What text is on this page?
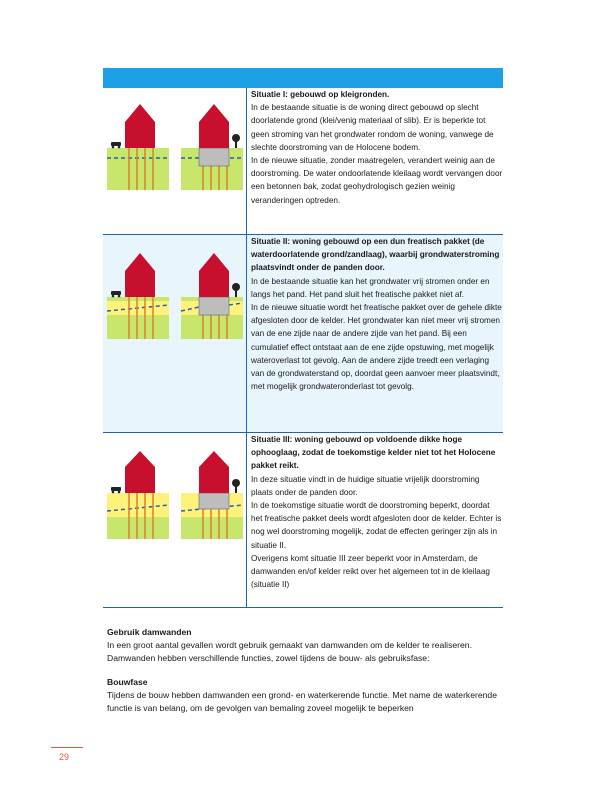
Situatie I: gebouwd op kleigronden.

In de bestaande situatie is de woning direct gebouwd op slecht doorlatende grond (klei/venig materiaal of slib). Er is beperkte tot geen stroming van het grondwater rondom de woning, vanwege de slechte doorstroming van de Holocene bodem.

In de nieuwe situatie, zonder maatregelen, verandert weinig aan de doorstroming. De water ondoorlatende kleilaag wordt vervangen door een betonnen bak, zodat geohydrologisch gezien weinig veranderingen optreden.

Situatie II: woning gebouwd op een dun freatisch pakket (de waterdoorlatende grond/zandlaag), waarbij grondwaterstroming plaatsvindt onder de panden door.

In de bestaande situatie kan het grondwater vrij stromen onder en langs het pand. Het pand sluit het freatische pakket niet af.

In de nieuwe situatie wordt het freatische pakket over de gehele dikte afgesloten door de kelder. Het grondwater kan niet meer vrij stromen van de ene zijde naar de andere zijde van het pand. Bij een cumulatief effect ontstaat aan de ene zijde opstuwing, met mogelijk wateroverlast tot gevolg. Aan de andere zijde treedt een verlaging van de grondwaterstand op, doordat geen aanvoer meer plaatsvindt, met mogelijk grondwateronderlast tot gevolg.

Situatie III: woning gebouwd op voldoende dikke hoge ophooglaag, zodat de toekomstige kelder niet tot het Holocene pakket reikt.

In deze situatie vindt in de huidige situatie vrijelijk doorstroming plaats onder de panden door.

In de toekomstige situatie wordt de doorstroming beperkt, doordat het freatische pakket deels wordt afgesloten door de kelder. Echter is nog wel doorstroming mogelijk, zodat de effecten geringer zijn als in situatie II.

Overigens komt situatie III zeer beperkt voor in Amsterdam, de damwanden en/of kelder reikt over het algemeen tot in de kleilaag (situatie II)

Gebruik damwanden
In een groot aantal gevallen wordt gebruik gemaakt van damwanden om de kelder te realiseren. Damwanden hebben verschillende functies, zowel tijdens de bouw- als gebruiksfase:
Bouwfase
Tijdens de bouw hebben damwanden een grond- en waterkerende functie. Met name de waterkerende functie is van belang, om de gevolgen van bemaling zoveel mogelijk te beperken
29
